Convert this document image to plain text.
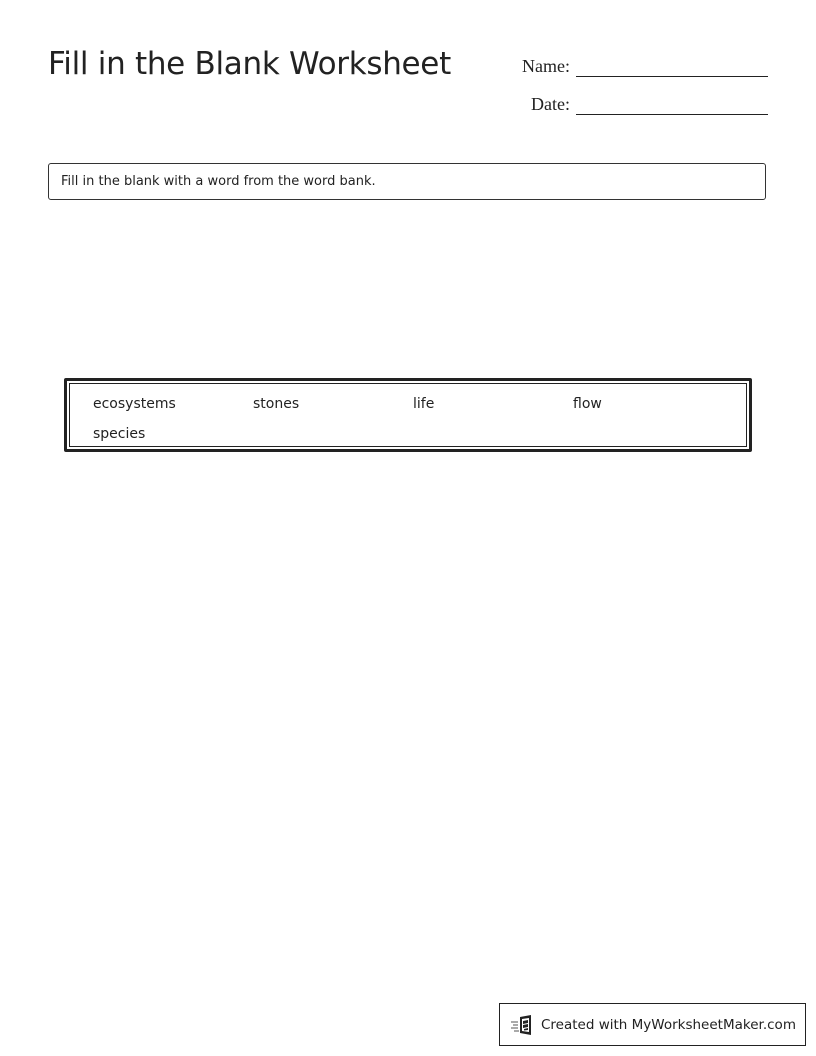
Fill in the Blank Worksheet	Name:
Date:
Fill in the blank with a word from the word bank.
ecosystems	stones	life	flow
species
Created with MyWorksheetMaker.com
